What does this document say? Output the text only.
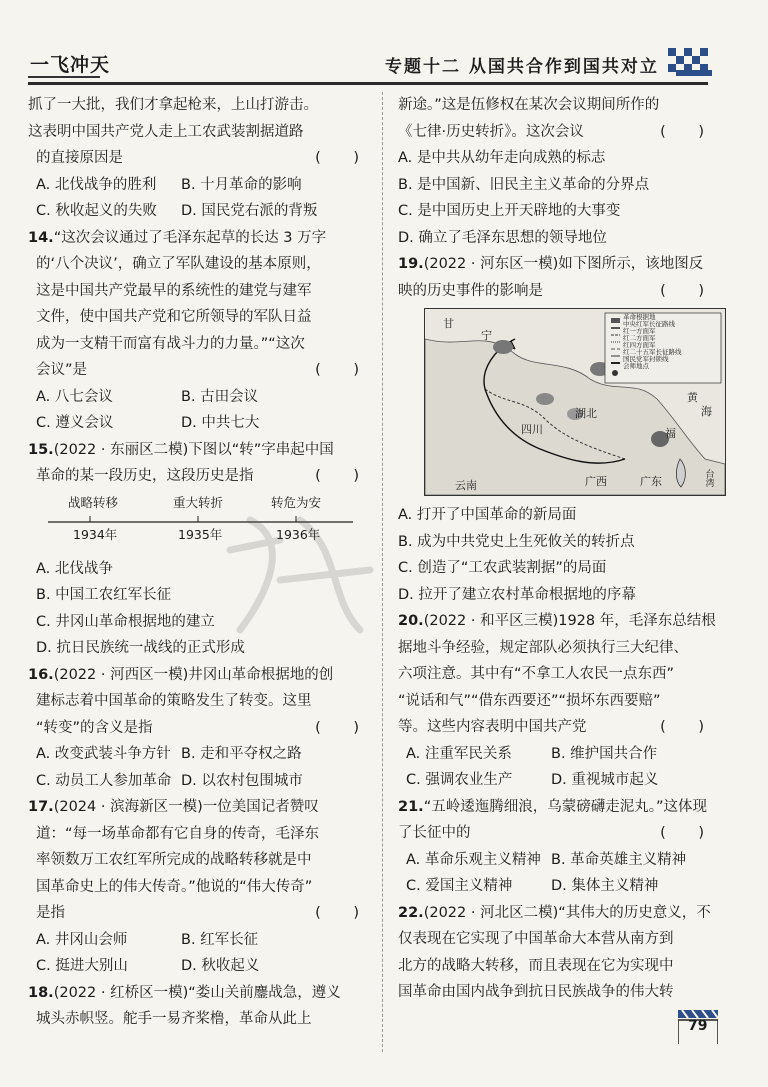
一飞冲天	专题十二 从国共合作到国共对立
抓了一大批，我们才拿起枪来，上山打游击。
这表明中国共产党人走上工农武装割据道路
的直接原因是	( )
A. 北伐战争的胜利	B. 十月革命的影响
C. 秋收起义的失败	D. 国民党右派的背叛
14.“这次会议通过了毛泽东起草的长达 3 万字
的‘八个决议’，确立了军队建设的基本原则，
这是中国共产党最早的系统性的建党与建军
文件，使中国共产党和它所领导的军队日益
成为一支精干而富有战斗力的力量。”“这次
会议”是	( )
A. 八七会议	B. 古田会议
C. 遵义会议	D. 中共七大
15.(2022 · 东丽区二模)下图以“转”字串起中国
革命的某一段历史，这段历史是指	( )
战略转移	重大转折	转危为安
1934年	1935年	1936年
A. 北伐战争
B. 中国工农红军长征
C. 井冈山革命根据地的建立
D. 抗日民族统一战线的正式形成
16.(2022 · 河西区一模)井冈山革命根据地的创
建标志着中国革命的策略发生了转变。这里
“转变”的含义是指	( )
A. 改变武装斗争方针 B. 走和平夺权之路
C. 动员工人参加革命 D. 以农村包围城市
17.(2024 · 滨海新区一模)一位美国记者赞叹
道：“每一场革命都有它自身的传奇，毛泽东
率领数万工农红军所完成的战略转移就是中
国革命史上的伟大传奇。”他说的“伟大传奇”
是指	( )
A. 井冈山会师	B. 红军长征
C. 挺进大别山	D. 秋收起义
18.(2022 · 红桥区一模)“娄山关前鏖战急，遵义
城头赤帜竖。舵手一易齐桨橹，革命从此上
新途。”这是伍修权在某次会议期间所作的
《七律·历史转折》。这次会议	( )
A. 是中共从幼年走向成熟的标志
B. 是中国新、旧民主主义革命的分界点
C. 是中国历史上开天辟地的大事变
D. 确立了毛泽东思想的领导地位
19.(2022 · 河东区一模)如下图所示，该地图反
映的历史事件的影响是	( )
甘
宁
四川
湖北
广西	广东
云南
福
黄
海
台湾
革命根据地
中央红军长征路线
红一方面军
红二方面军
红四方面军
红二十五军长征路线
国民党军封锁线
会师地点
A. 打开了中国革命的新局面
B. 成为中共党史上生死攸关的转折点
C. 创造了“工农武装割据”的局面
D. 拉开了建立农村革命根据地的序幕
20.(2022 · 和平区三模)1928 年，毛泽东总结根
据地斗争经验，规定部队必须执行三大纪律、
六项注意。其中有“不拿工人农民一点东西”
“说话和气”“借东西要还”“损坏东西要赔”
等。这些内容表明中国共产党	( )
A. 注重军民关系	B. 维护国共合作
C. 强调农业生产	D. 重视城市起义
21.“五岭逶迤腾细浪，乌蒙磅礴走泥丸。”这体现
了长征中的	( )
A. 革命乐观主义精神 B. 革命英雄主义精神
C. 爱国主义精神	D. 集体主义精神
22.(2022 · 河北区二模)“其伟大的历史意义，不
仅表现在它实现了中国革命大本营从南方到
北方的战略大转移，而且表现在它为实现中
国革命由国内战争到抗日民族战争的伟大转
79
